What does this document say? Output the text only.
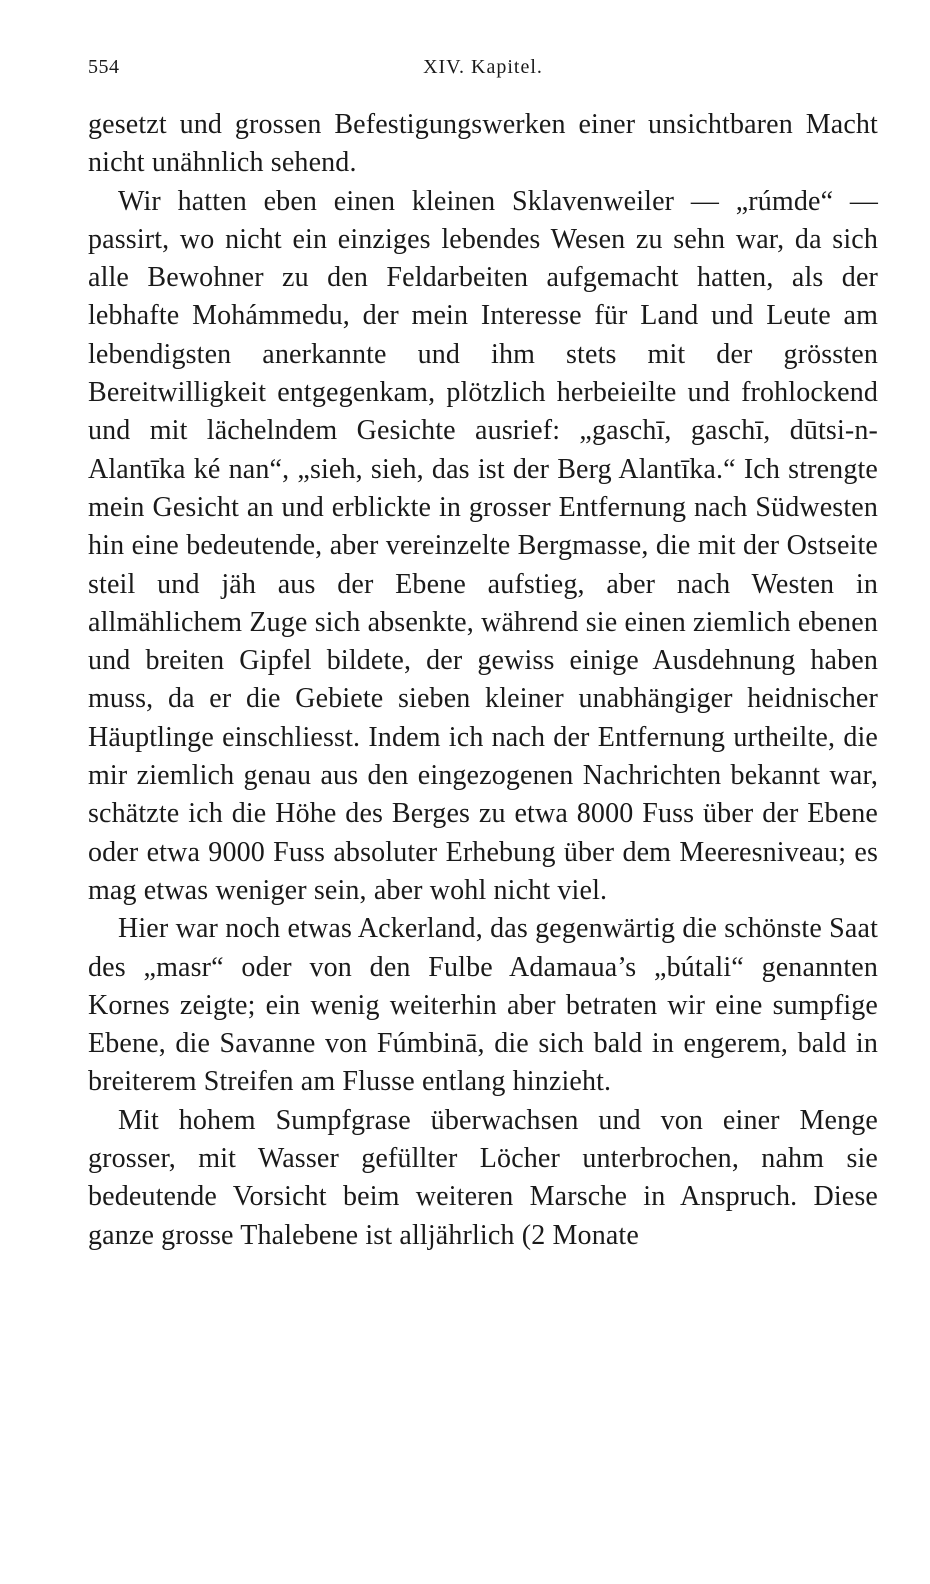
554	XIV. Kapitel.

gesetzt und grossen Befestigungswerken einer unsichtbaren Macht nicht unähnlich sehend.

Wir hatten eben einen kleinen Sklavenweiler — „rúmde“ — passirt, wo nicht ein einziges lebendes Wesen zu sehn war, da sich alle Bewohner zu den Feldarbeiten aufgemacht hatten, als der lebhafte Mohámmedu, der mein Interesse für Land und Leute am lebendigsten anerkannte und ihm stets mit der grössten Bereitwilligkeit entgegenkam, plötzlich herbeieilte und frohlockend und mit lächelndem Gesichte ausrief: „gaschī, gaschī, dūtsi-n-Alantīka ké nan“, „sieh, sieh, das ist der Berg Alantīka.“ Ich strengte mein Gesicht an und erblickte in grosser Entfernung nach Südwesten hin eine bedeutende, aber vereinzelte Bergmasse, die mit der Ostseite steil und jäh aus der Ebene aufstieg, aber nach Westen in allmählichem Zuge sich absenkte, während sie einen ziemlich ebenen und breiten Gipfel bildete, der gewiss einige Ausdehnung haben muss, da er die Gebiete sieben kleiner unabhängiger heidnischer Häuptlinge einschliesst. Indem ich nach der Entfernung urtheilte, die mir ziemlich genau aus den eingezogenen Nachrichten bekannt war, schätzte ich die Höhe des Berges zu etwa 8000 Fuss über der Ebene oder etwa 9000 Fuss absoluter Erhebung über dem Meeresniveau; es mag etwas weniger sein, aber wohl nicht viel.

Hier war noch etwas Ackerland, das gegenwärtig die schönste Saat des „masr“ oder von den Fulbe Adamaua’s „bútali“ genannten Kornes zeigte; ein wenig weiterhin aber betraten wir eine sumpfige Ebene, die Savanne von Fúmbinā, die sich bald in engerem, bald in breiterem Streifen am Flusse entlang hinzieht.

Mit hohem Sumpfgrase überwachsen und von einer Menge grosser, mit Wasser gefüllter Löcher unterbrochen, nahm sie bedeutende Vorsicht beim weiteren Marsche in Anspruch. Diese ganze grosse Thalebene ist alljährlich (2 Monate
